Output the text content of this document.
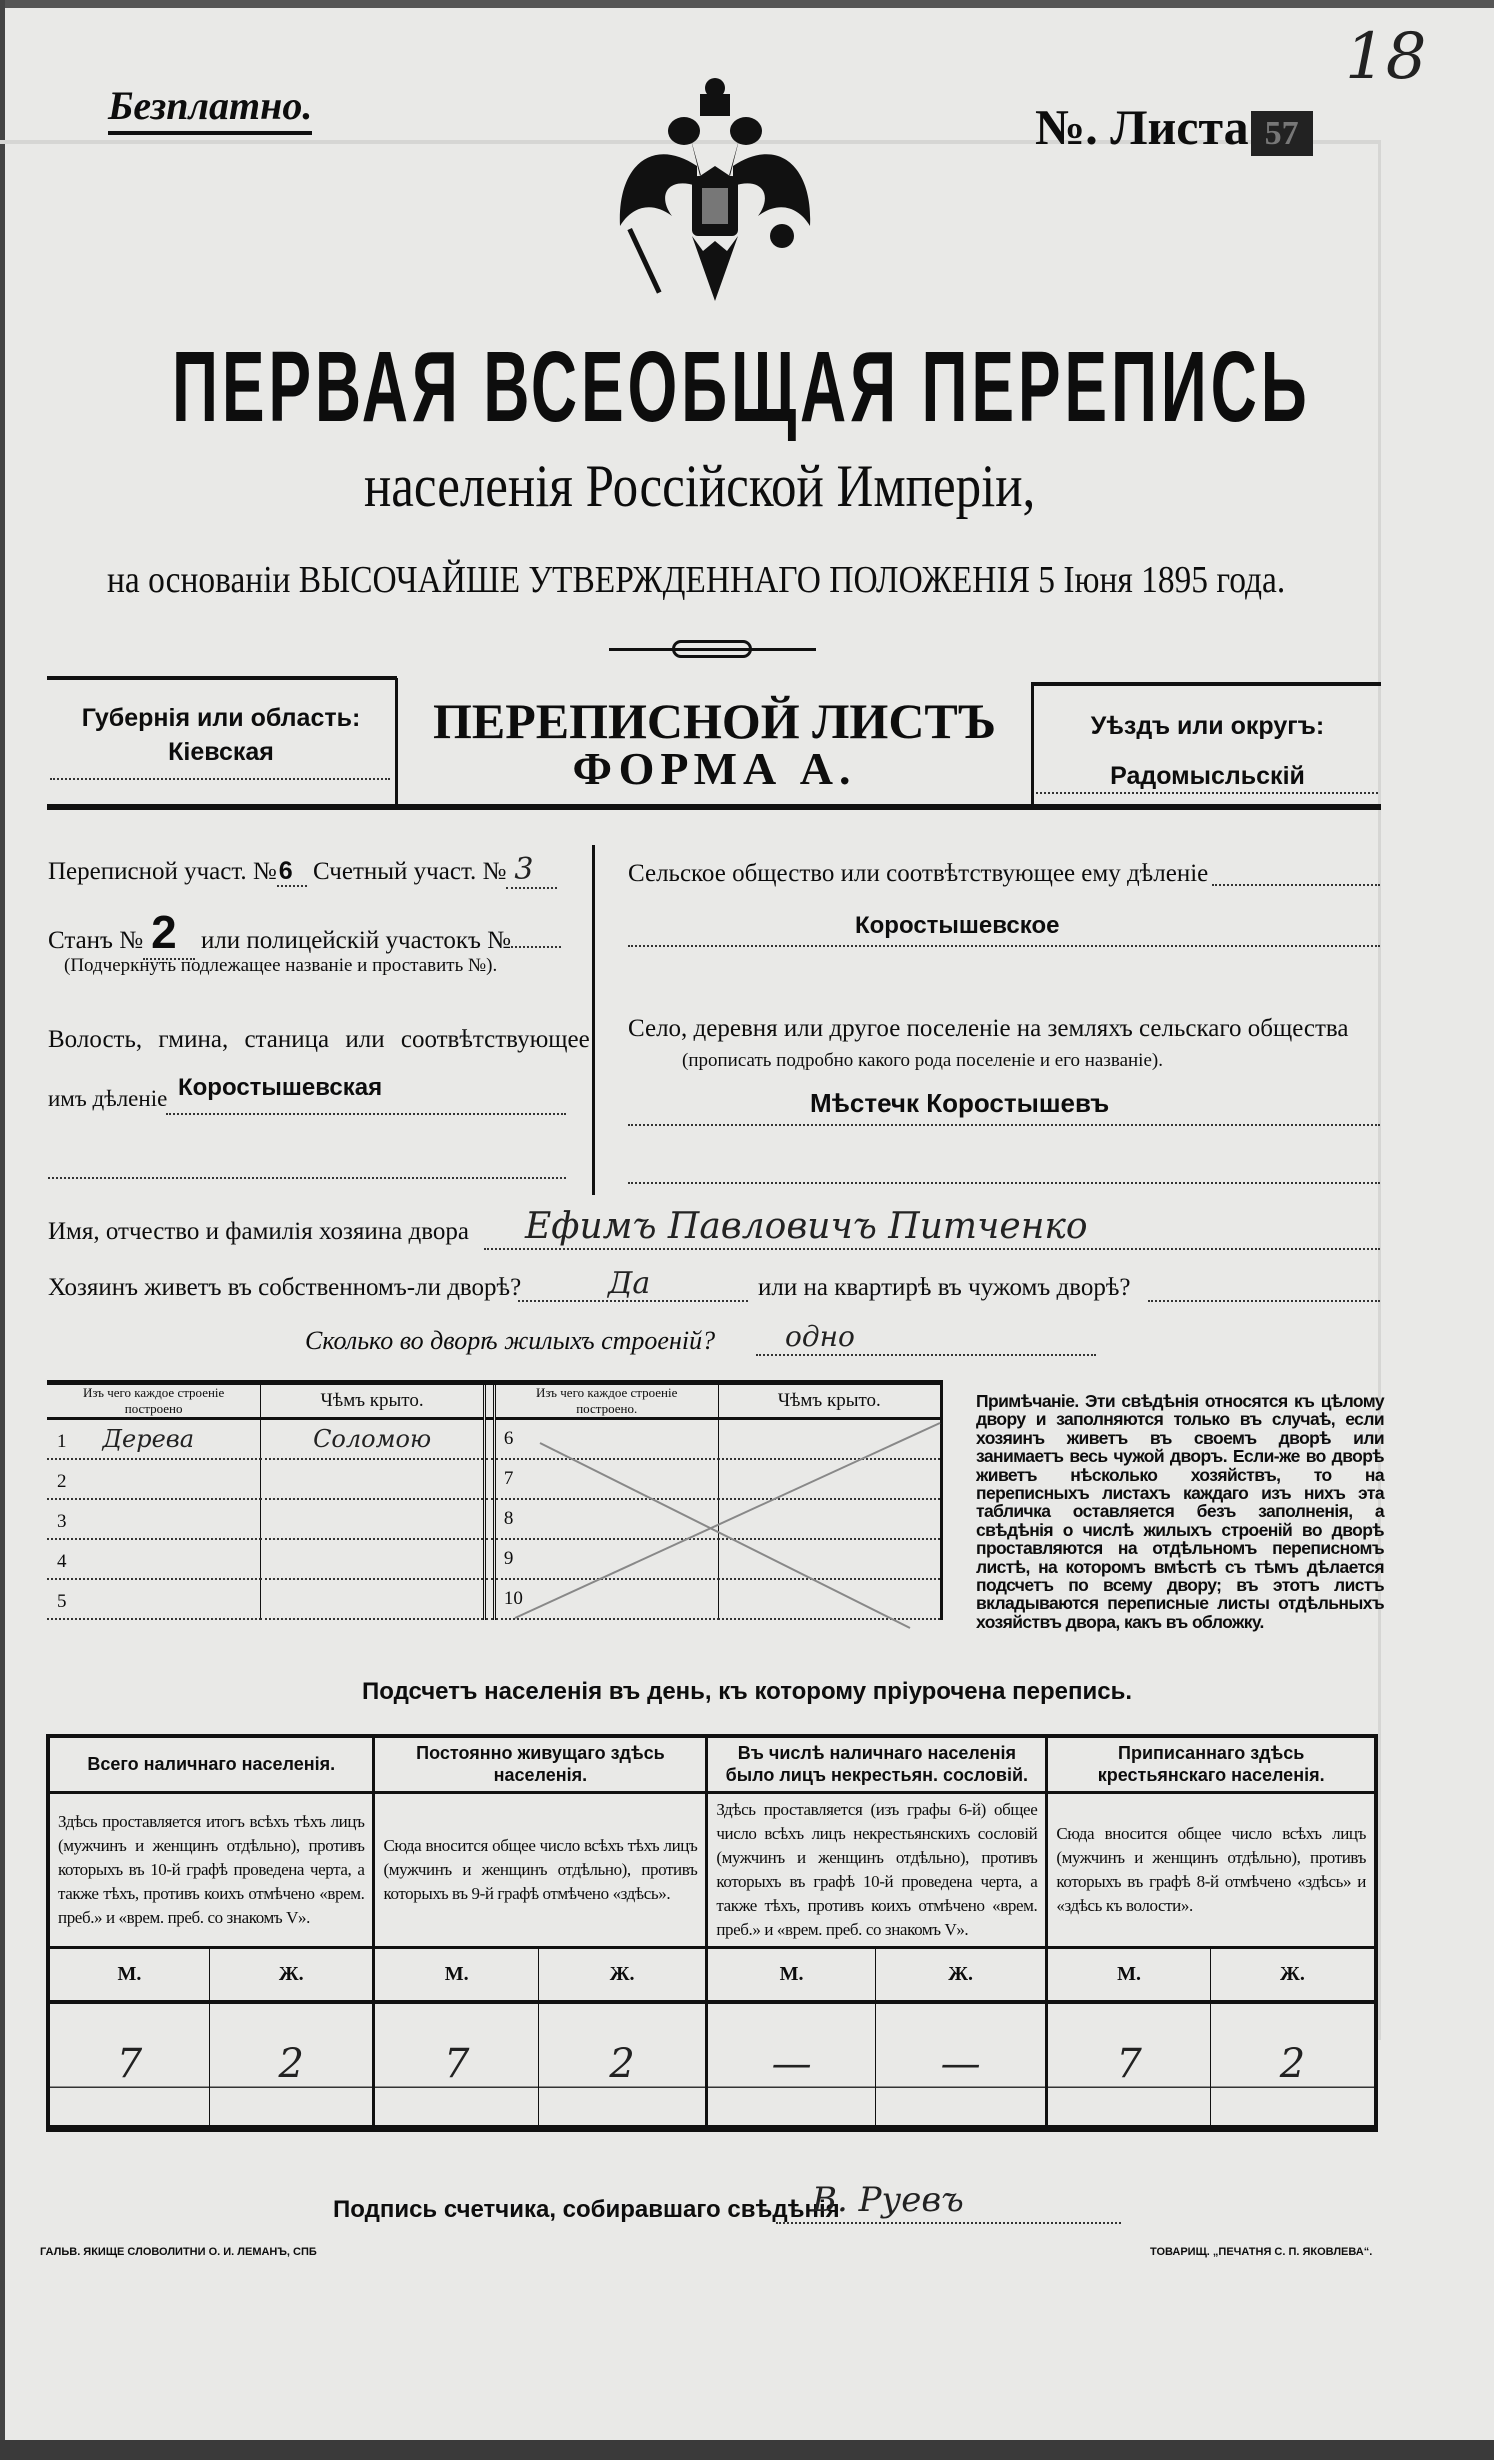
Безплатно.	№. Листа 57
18
ПЕРВАЯ ВСЕОБЩАЯ ПЕРЕПИСЬ
населенія Россійской Имперіи,
на основаніи ВЫСОЧАЙШЕ УТВЕРЖДЕННАГО ПОЛОЖЕНІЯ 5 Іюня 1895 года.
Губернія или область:
Кіевская
ПЕРЕПИСНОЙ ЛИСТЪ
ФОРМА А.
Уѣздъ или округъ:
Радомысльскій
Переписной участ. №6 Счетный участ. № 3
Станъ № 2 или полицейскій участокъ №
(Подчеркнуть подлежащее названіе и проставить №).
Волость, гмина, станица или соотвѣтствующее
имъ дѣленіе Коростышевская
Сельское общество или соотвѣтствующее ему дѣленіе
Коростышевское
Село, деревня или другое поселеніе на земляхъ сельскаго общества
(прописать подробно какого рода поселеніе и его названіе).
Мѣстечк Коростышевъ
Имя, отчество и фамилія хозяина двора Ефимъ Павловичъ Питченко
Хозяинъ живетъ въ собственномъ-ли дворѣ?	Да	или на квартирѣ въ чужомъ дворѣ?
Сколько во дворѣ жилыхъ строеній? одно
Изъ чего каждое строеніе построено	Чѣмъ крыто.		Изъ чего каждое строеніе построено.	Чѣмъ крыто.
1 Дерева	Соломою		6	
2			7	
3			8	
4			9	
5			10	
Примѣчаніе. Эти свѣдѣнія относятся къ цѣлому двору и заполняются только въ случаѣ, если хозяинъ живетъ въ своемъ дворѣ или занимаетъ весь чужой дворъ. Если-же во дворѣ живетъ нѣсколько хозяйствъ, то на переписныхъ листахъ каждаго изъ нихъ эта табличка оставляется безъ заполненія, а свѣдѣнія о числѣ жилыхъ строеній во дворѣ проставляются на отдѣльномъ переписномъ листѣ, на которомъ вмѣстѣ съ тѣмъ дѣлается подсчетъ по всему двору; въ этотъ листъ вкладываются переписные листы отдѣльныхъ хозяйствъ двора, какъ въ обложку.
Подсчетъ населенія въ день, къ которому пріурочена перепись.
Всего наличнаго населенія.		Постоянно живущаго здѣсь населенія.		Въ числѣ наличнаго населенія было лицъ некрестьян. сословій.		Приписаннаго здѣсь крестьянскаго населенія.	
Здѣсь проставляется итогъ всѣхъ тѣхъ лицъ (мужчинъ и женщинъ отдѣльно), противъ которыхъ въ 10-й графѣ проведена черта, а также тѣхъ, противъ коихъ отмѣчено «врем. преб.» и «врем. преб. со знакомъ V».		Сюда вносится общее число всѣхъ тѣхъ лицъ (мужчинъ и женщинъ отдѣльно), противъ которыхъ въ 9-й графѣ отмѣчено «здѣсь».		Здѣсь проставляется (изъ графы 6-й) общее число всѣхъ лицъ некрестьянскихъ сословій (мужчинъ и женщинъ отдѣльно), противъ которыхъ въ графѣ 10-й проведена черта, а также тѣхъ, противъ коихъ отмѣчено «врем. преб.» и «врем. преб. со знакомъ V».		Сюда вносится общее число всѣхъ лицъ (мужчинъ и женщинъ отдѣльно), противъ которыхъ въ графѣ 8-й отмѣчено «здѣсь» и «здѣсь къ волости».	
М.	Ж.	М.	Ж.	М.	Ж.	М.	Ж.
7	2	7	2	—	—	7	2
Подпись счетчика, собиравшаго свѣдѣнія
В. Руевъ
ГАЛЬВ. ЯКИЩЕ СЛОВОЛИТНИ О. И. ЛЕМАНЪ, СПБ	ТОВАРИЩ. „ПЕЧАТНЯ С. П. ЯКОВЛЕВА“.
